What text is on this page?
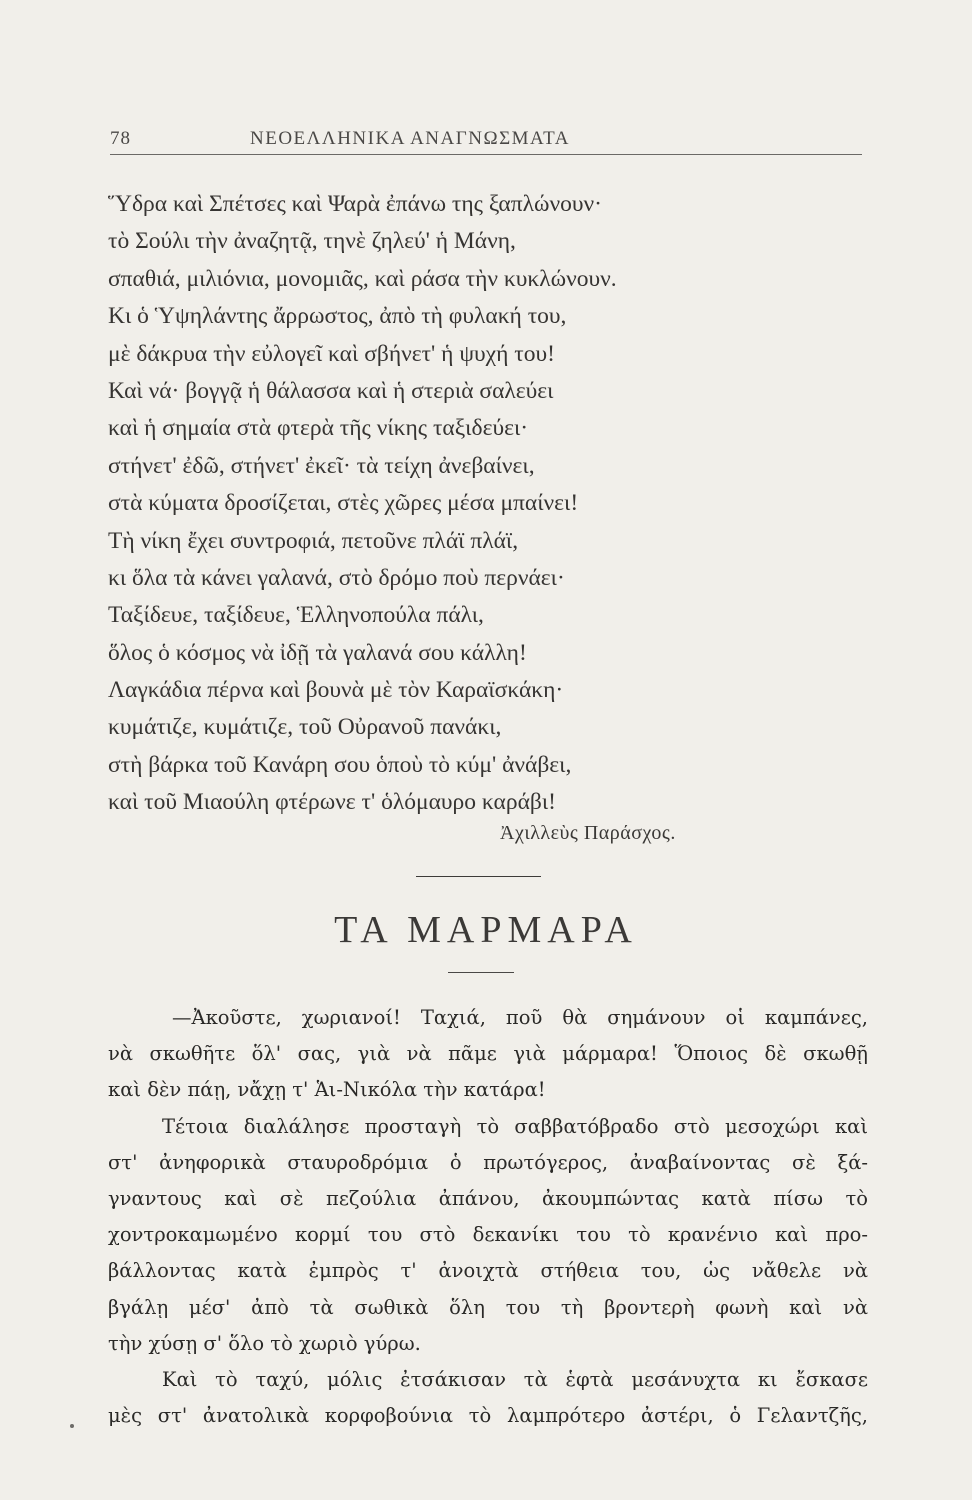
78	ΝΕΟΕΛΛΗΝΙΚΑ ΑΝΑΓΝΩΣΜΑΤΑ
Ὕδρα καὶ Σπέτσες καὶ Ψαρὰ ἐπάνω της ξαπλώνουν·
τὸ Σούλι τὴν ἀναζητᾷ, τηνὲ ζηλεύ' ἡ Μάνη,
σπαθιά, μιλιόνια, μονομιᾶς, καὶ ράσα τὴν κυκλώνουν.
Κι ὁ Ὑψηλάντης ἄρρωστος, ἀπὸ τὴ φυλακή του,
μὲ δάκρυα τὴν εὐλογεῖ καὶ σβήνετ' ἡ ψυχή του!
Καὶ νά· βογγᾷ ἡ θάλασσα καὶ ἡ στεριὰ σαλεύει
καὶ ἡ σημαία στὰ φτερὰ τῆς νίκης ταξιδεύει·
στήνετ' ἐδῶ, στήνετ' ἐκεῖ· τὰ τείχη ἀνεβαίνει,
στὰ κύματα δροσίζεται, στὲς χῶρες μέσα μπαίνει!
Τὴ νίκη ἔχει συντροφιά, πετοῦνε πλάϊ πλάϊ,
κι ὅλα τὰ κάνει γαλανά, στὸ δρόμο ποὺ περνάει·
Ταξίδευε, ταξίδευε, Ἑλληνοπούλα πάλι,
ὅλος ὁ κόσμος νὰ ἰδῇ τὰ γαλανά σου κάλλη!
Λαγκάδια πέρνα καὶ βουνὰ μὲ τὸν Καραϊσκάκη·
κυμάτιζε, κυμάτιζε, τοῦ Οὐρανοῦ πανάκι,
στὴ βάρκα τοῦ Κανάρη σου ὁποὺ τὸ κύμ' ἀνάβει,
καὶ τοῦ Μιαούλη φτέρωνε τ' ὁλόμαυρο καράβι!
Ἀχιλλεὺς Παράσχος.
ΤΑ ΜΑΡΜΑΡΑ
—Ἀκοῦστε, χωριανοί! Ταχιά, ποῦ θὰ σημάνουν οἱ καμπάνες,
νὰ σκωθῆτε ὅλ' σας, γιὰ νὰ πᾶμε γιὰ μάρμαρα! Ὅποιος δὲ σκωθῇ
καὶ δὲν πάῃ, νἄχῃ τ' Ἁι-Νικόλα τὴν κατάρα!
Τέτοια διαλάλησε προσταγὴ τὸ σαββατόβραδο στὸ μεσοχώρι καὶ
στ' ἀνηφορικὰ σταυροδρόμια ὁ πρωτόγερος, ἀναβαίνοντας σὲ ξά-
γναντους καὶ σὲ πεζούλια ἀπάνου, ἀκουμπώντας κατὰ πίσω τὸ
χοντροκαμωμένο κορμί του στὸ δεκανίκι του τὸ κρανένιο καὶ προ-
βάλλοντας κατὰ ἐμπρὸς τ' ἀνοιχτὰ στήθεια του, ὡς νἄθελε νὰ
βγάλῃ μέσ' ἀπὸ τὰ σωθικὰ ὅλη του τὴ βροντερὴ φωνὴ καὶ νὰ
τὴν χύσῃ σ' ὅλο τὸ χωριὸ γύρω.
Καὶ τὸ ταχύ, μόλις ἐτσάκισαν τὰ ἑφτὰ μεσάνυχτα κι ἔσκασε
μὲς στ' ἀνατολικὰ κορφοβούνια τὸ λαμπρότερο ἀστέρι, ὁ Γελαντζῆς,
